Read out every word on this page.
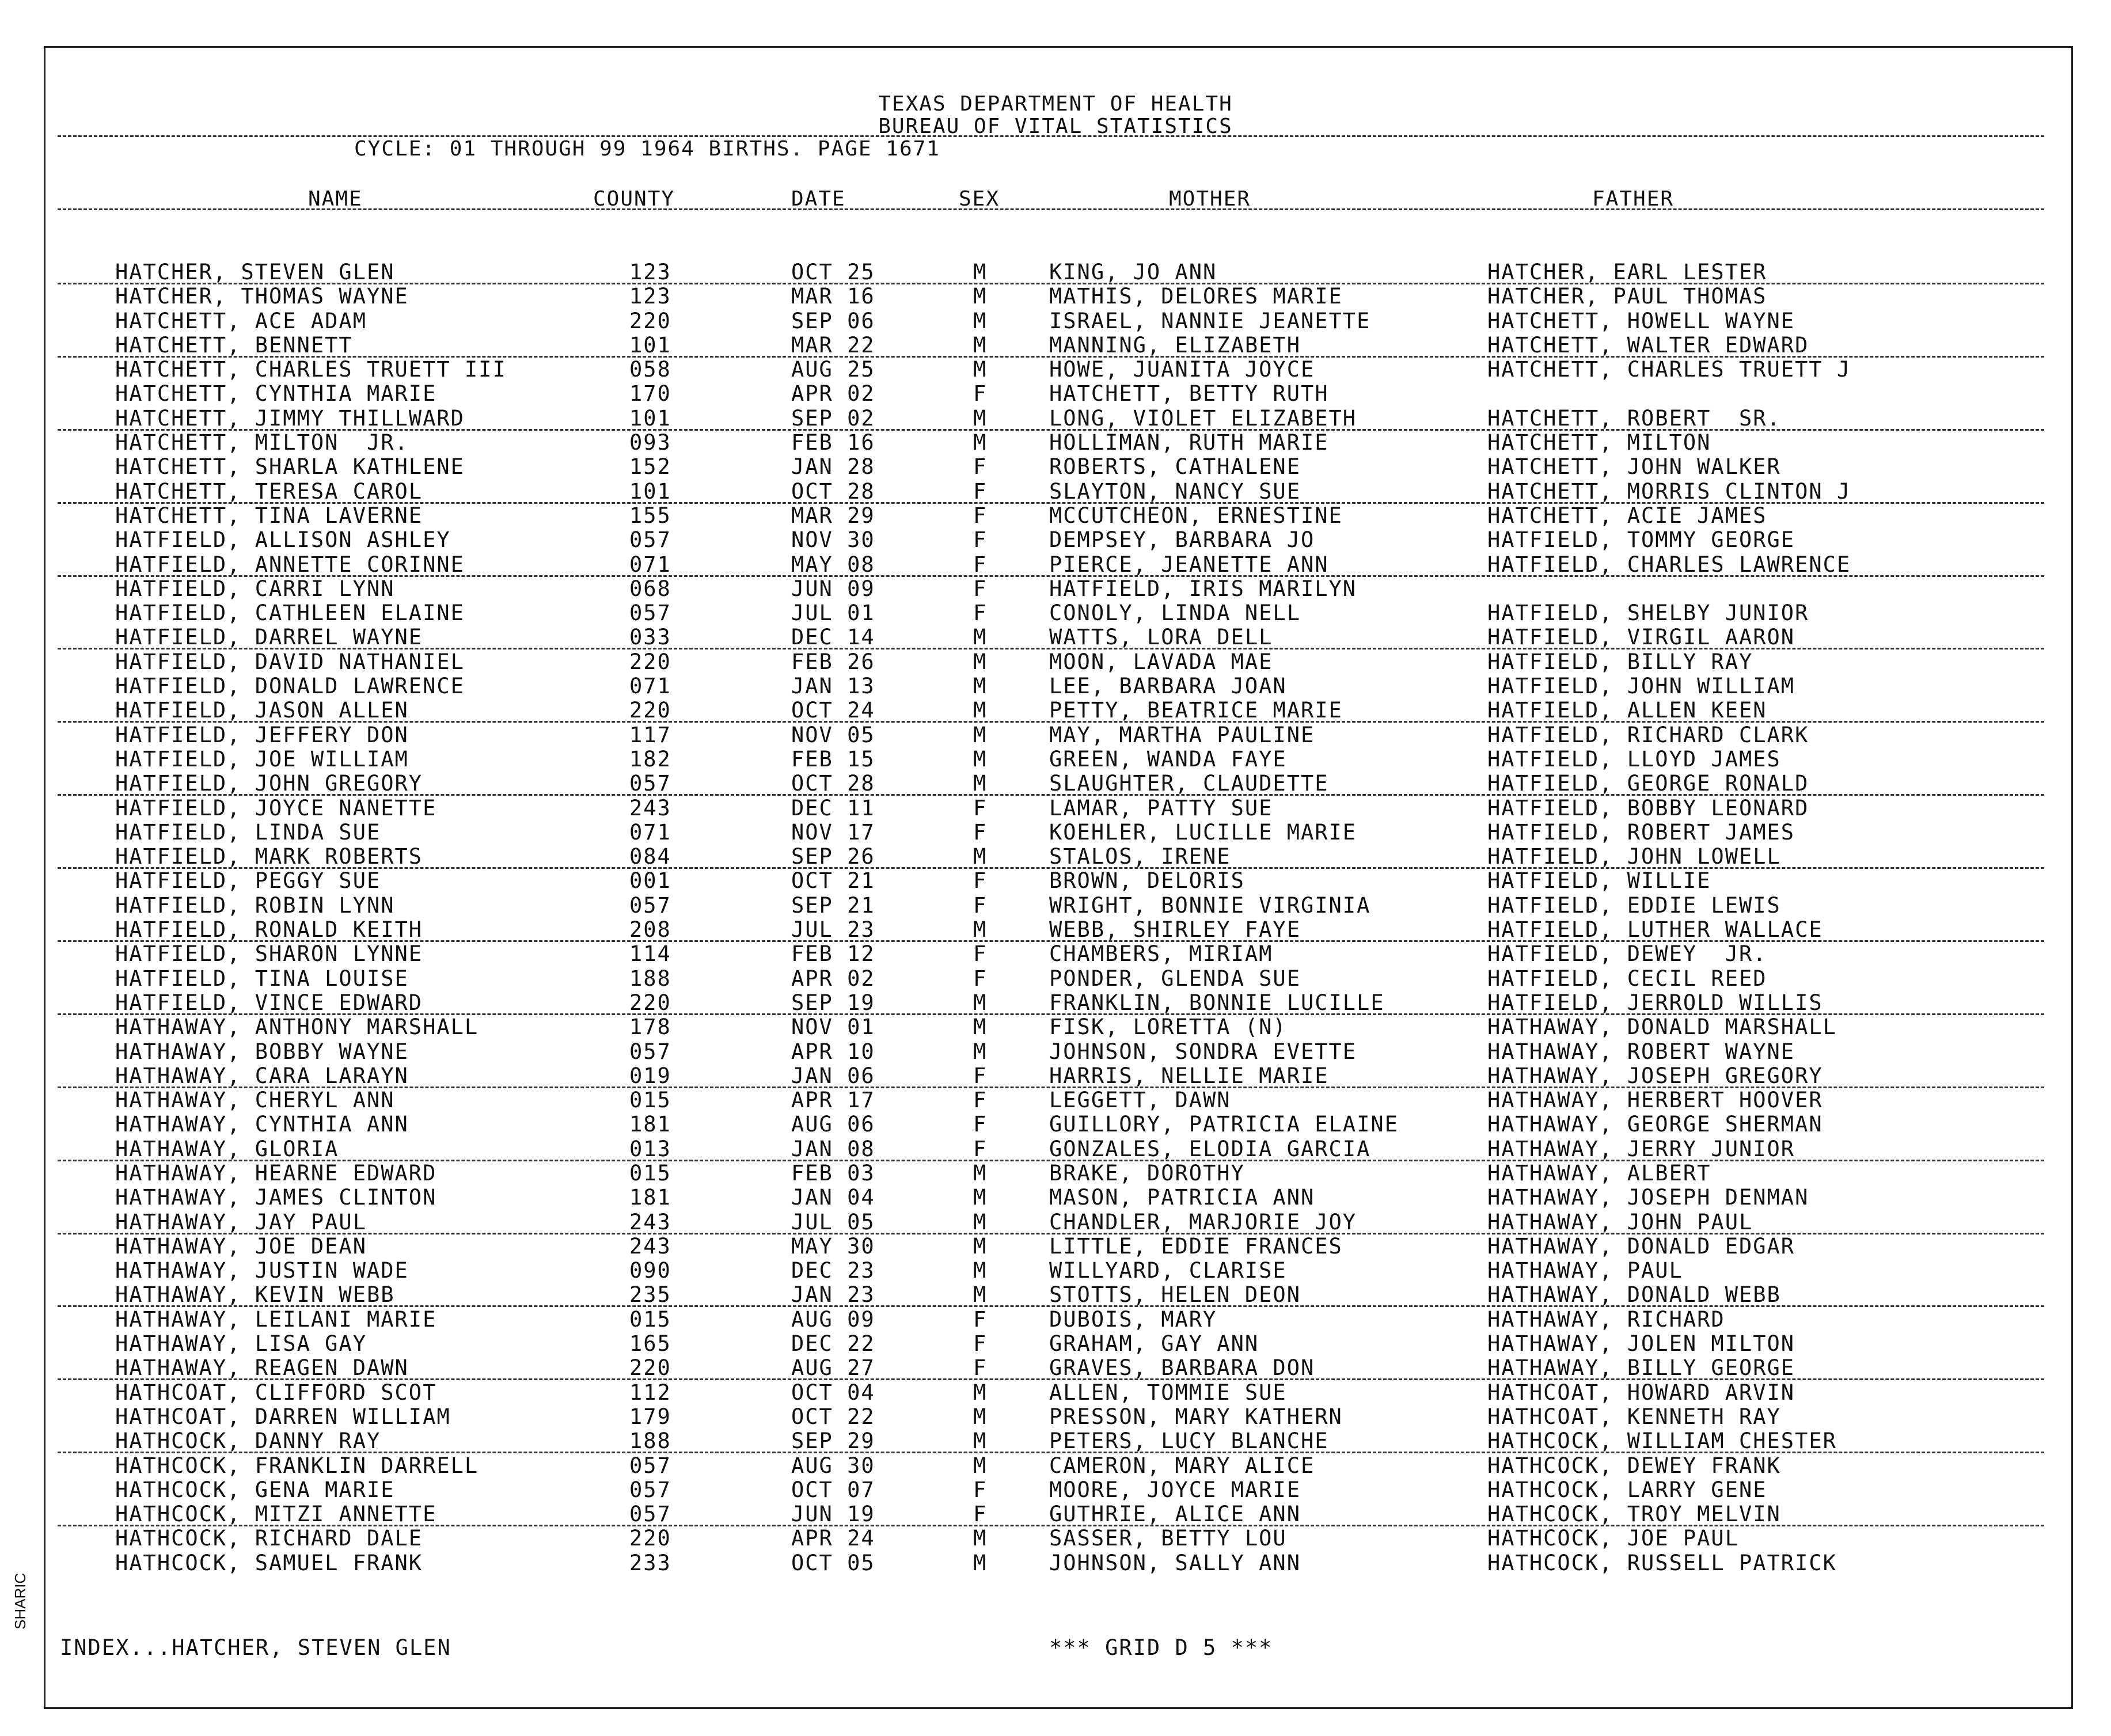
TEXAS DEPARTMENT OF HEALTH
BUREAU OF VITAL STATISTICS
CYCLE: 01 THROUGH 99 1964 BIRTHS. PAGE 1671
NAME	COUNTY	DATE	SEX	MOTHER	FATHER
HATCHER, STEVEN GLEN	123	OCT 25	M	KING, JO ANN	HATCHER, EARL LESTER
HATCHER, THOMAS WAYNE	123	MAR 16	M	MATHIS, DELORES MARIE	HATCHER, PAUL THOMAS
HATCHETT, ACE ADAM	220	SEP 06	M	ISRAEL, NANNIE JEANETTE	HATCHETT, HOWELL WAYNE
HATCHETT, BENNETT	101	MAR 22	M	MANNING, ELIZABETH	HATCHETT, WALTER EDWARD
HATCHETT, CHARLES TRUETT III	058	AUG 25	M	HOWE, JUANITA JOYCE	HATCHETT, CHARLES TRUETT J
HATCHETT, CYNTHIA MARIE	170	APR 02	F	HATCHETT, BETTY RUTH
HATCHETT, JIMMY THILLWARD	101	SEP 02	M	LONG, VIOLET ELIZABETH	HATCHETT, ROBERT  SR.
HATCHETT, MILTON  JR.	093	FEB 16	M	HOLLIMAN, RUTH MARIE	HATCHETT, MILTON
HATCHETT, SHARLA KATHLENE	152	JAN 28	F	ROBERTS, CATHALENE	HATCHETT, JOHN WALKER
HATCHETT, TERESA CAROL	101	OCT 28	F	SLAYTON, NANCY SUE	HATCHETT, MORRIS CLINTON J
HATCHETT, TINA LAVERNE	155	MAR 29	F	MCCUTCHEON, ERNESTINE	HATCHETT, ACIE JAMES
HATFIELD, ALLISON ASHLEY	057	NOV 30	F	DEMPSEY, BARBARA JO	HATFIELD, TOMMY GEORGE
HATFIELD, ANNETTE CORINNE	071	MAY 08	F	PIERCE, JEANETTE ANN	HATFIELD, CHARLES LAWRENCE
HATFIELD, CARRI LYNN	068	JUN 09	F	HATFIELD, IRIS MARILYN
HATFIELD, CATHLEEN ELAINE	057	JUL 01	F	CONOLY, LINDA NELL	HATFIELD, SHELBY JUNIOR
HATFIELD, DARREL WAYNE	033	DEC 14	M	WATTS, LORA DELL	HATFIELD, VIRGIL AARON
HATFIELD, DAVID NATHANIEL	220	FEB 26	M	MOON, LAVADA MAE	HATFIELD, BILLY RAY
HATFIELD, DONALD LAWRENCE	071	JAN 13	M	LEE, BARBARA JOAN	HATFIELD, JOHN WILLIAM
HATFIELD, JASON ALLEN	220	OCT 24	M	PETTY, BEATRICE MARIE	HATFIELD, ALLEN KEEN
HATFIELD, JEFFERY DON	117	NOV 05	M	MAY, MARTHA PAULINE	HATFIELD, RICHARD CLARK
HATFIELD, JOE WILLIAM	182	FEB 15	M	GREEN, WANDA FAYE	HATFIELD, LLOYD JAMES
HATFIELD, JOHN GREGORY	057	OCT 28	M	SLAUGHTER, CLAUDETTE	HATFIELD, GEORGE RONALD
HATFIELD, JOYCE NANETTE	243	DEC 11	F	LAMAR, PATTY SUE	HATFIELD, BOBBY LEONARD
HATFIELD, LINDA SUE	071	NOV 17	F	KOEHLER, LUCILLE MARIE	HATFIELD, ROBERT JAMES
HATFIELD, MARK ROBERTS	084	SEP 26	M	STALOS, IRENE	HATFIELD, JOHN LOWELL
HATFIELD, PEGGY SUE	001	OCT 21	F	BROWN, DELORIS	HATFIELD, WILLIE
HATFIELD, ROBIN LYNN	057	SEP 21	F	WRIGHT, BONNIE VIRGINIA	HATFIELD, EDDIE LEWIS
HATFIELD, RONALD KEITH	208	JUL 23	M	WEBB, SHIRLEY FAYE	HATFIELD, LUTHER WALLACE
HATFIELD, SHARON LYNNE	114	FEB 12	F	CHAMBERS, MIRIAM	HATFIELD, DEWEY  JR.
HATFIELD, TINA LOUISE	188	APR 02	F	PONDER, GLENDA SUE	HATFIELD, CECIL REED
HATFIELD, VINCE EDWARD	220	SEP 19	M	FRANKLIN, BONNIE LUCILLE	HATFIELD, JERROLD WILLIS
HATHAWAY, ANTHONY MARSHALL	178	NOV 01	M	FISK, LORETTA (N)	HATHAWAY, DONALD MARSHALL
HATHAWAY, BOBBY WAYNE	057	APR 10	M	JOHNSON, SONDRA EVETTE	HATHAWAY, ROBERT WAYNE
HATHAWAY, CARA LARAYN	019	JAN 06	F	HARRIS, NELLIE MARIE	HATHAWAY, JOSEPH GREGORY
HATHAWAY, CHERYL ANN	015	APR 17	F	LEGGETT, DAWN	HATHAWAY, HERBERT HOOVER
HATHAWAY, CYNTHIA ANN	181	AUG 06	F	GUILLORY, PATRICIA ELAINE	HATHAWAY, GEORGE SHERMAN
HATHAWAY, GLORIA	013	JAN 08	F	GONZALES, ELODIA GARCIA	HATHAWAY, JERRY JUNIOR
HATHAWAY, HEARNE EDWARD	015	FEB 03	M	BRAKE, DOROTHY	HATHAWAY, ALBERT
HATHAWAY, JAMES CLINTON	181	JAN 04	M	MASON, PATRICIA ANN	HATHAWAY, JOSEPH DENMAN
HATHAWAY, JAY PAUL	243	JUL 05	M	CHANDLER, MARJORIE JOY	HATHAWAY, JOHN PAUL
HATHAWAY, JOE DEAN	243	MAY 30	M	LITTLE, EDDIE FRANCES	HATHAWAY, DONALD EDGAR
HATHAWAY, JUSTIN WADE	090	DEC 23	M	WILLYARD, CLARISE	HATHAWAY, PAUL
HATHAWAY, KEVIN WEBB	235	JAN 23	M	STOTTS, HELEN DEON	HATHAWAY, DONALD WEBB
HATHAWAY, LEILANI MARIE	015	AUG 09	F	DUBOIS, MARY	HATHAWAY, RICHARD
HATHAWAY, LISA GAY	165	DEC 22	F	GRAHAM, GAY ANN	HATHAWAY, JOLEN MILTON
HATHAWAY, REAGEN DAWN	220	AUG 27	F	GRAVES, BARBARA DON	HATHAWAY, BILLY GEORGE
HATHCOAT, CLIFFORD SCOT	112	OCT 04	M	ALLEN, TOMMIE SUE	HATHCOAT, HOWARD ARVIN
HATHCOAT, DARREN WILLIAM	179	OCT 22	M	PRESSON, MARY KATHERN	HATHCOAT, KENNETH RAY
HATHCOCK, DANNY RAY	188	SEP 29	M	PETERS, LUCY BLANCHE	HATHCOCK, WILLIAM CHESTER
HATHCOCK, FRANKLIN DARRELL	057	AUG 30	M	CAMERON, MARY ALICE	HATHCOCK, DEWEY FRANK
HATHCOCK, GENA MARIE	057	OCT 07	F	MOORE, JOYCE MARIE	HATHCOCK, LARRY GENE
HATHCOCK, MITZI ANNETTE	057	JUN 19	F	GUTHRIE, ALICE ANN	HATHCOCK, TROY MELVIN
HATHCOCK, RICHARD DALE	220	APR 24	M	SASSER, BETTY LOU	HATHCOCK, JOE PAUL
HATHCOCK, SAMUEL FRANK	233	OCT 05	M	JOHNSON, SALLY ANN	HATHCOCK, RUSSELL PATRICK
INDEX...HATCHER, STEVEN GLEN	*** GRID D 5 ***
SHARIC
